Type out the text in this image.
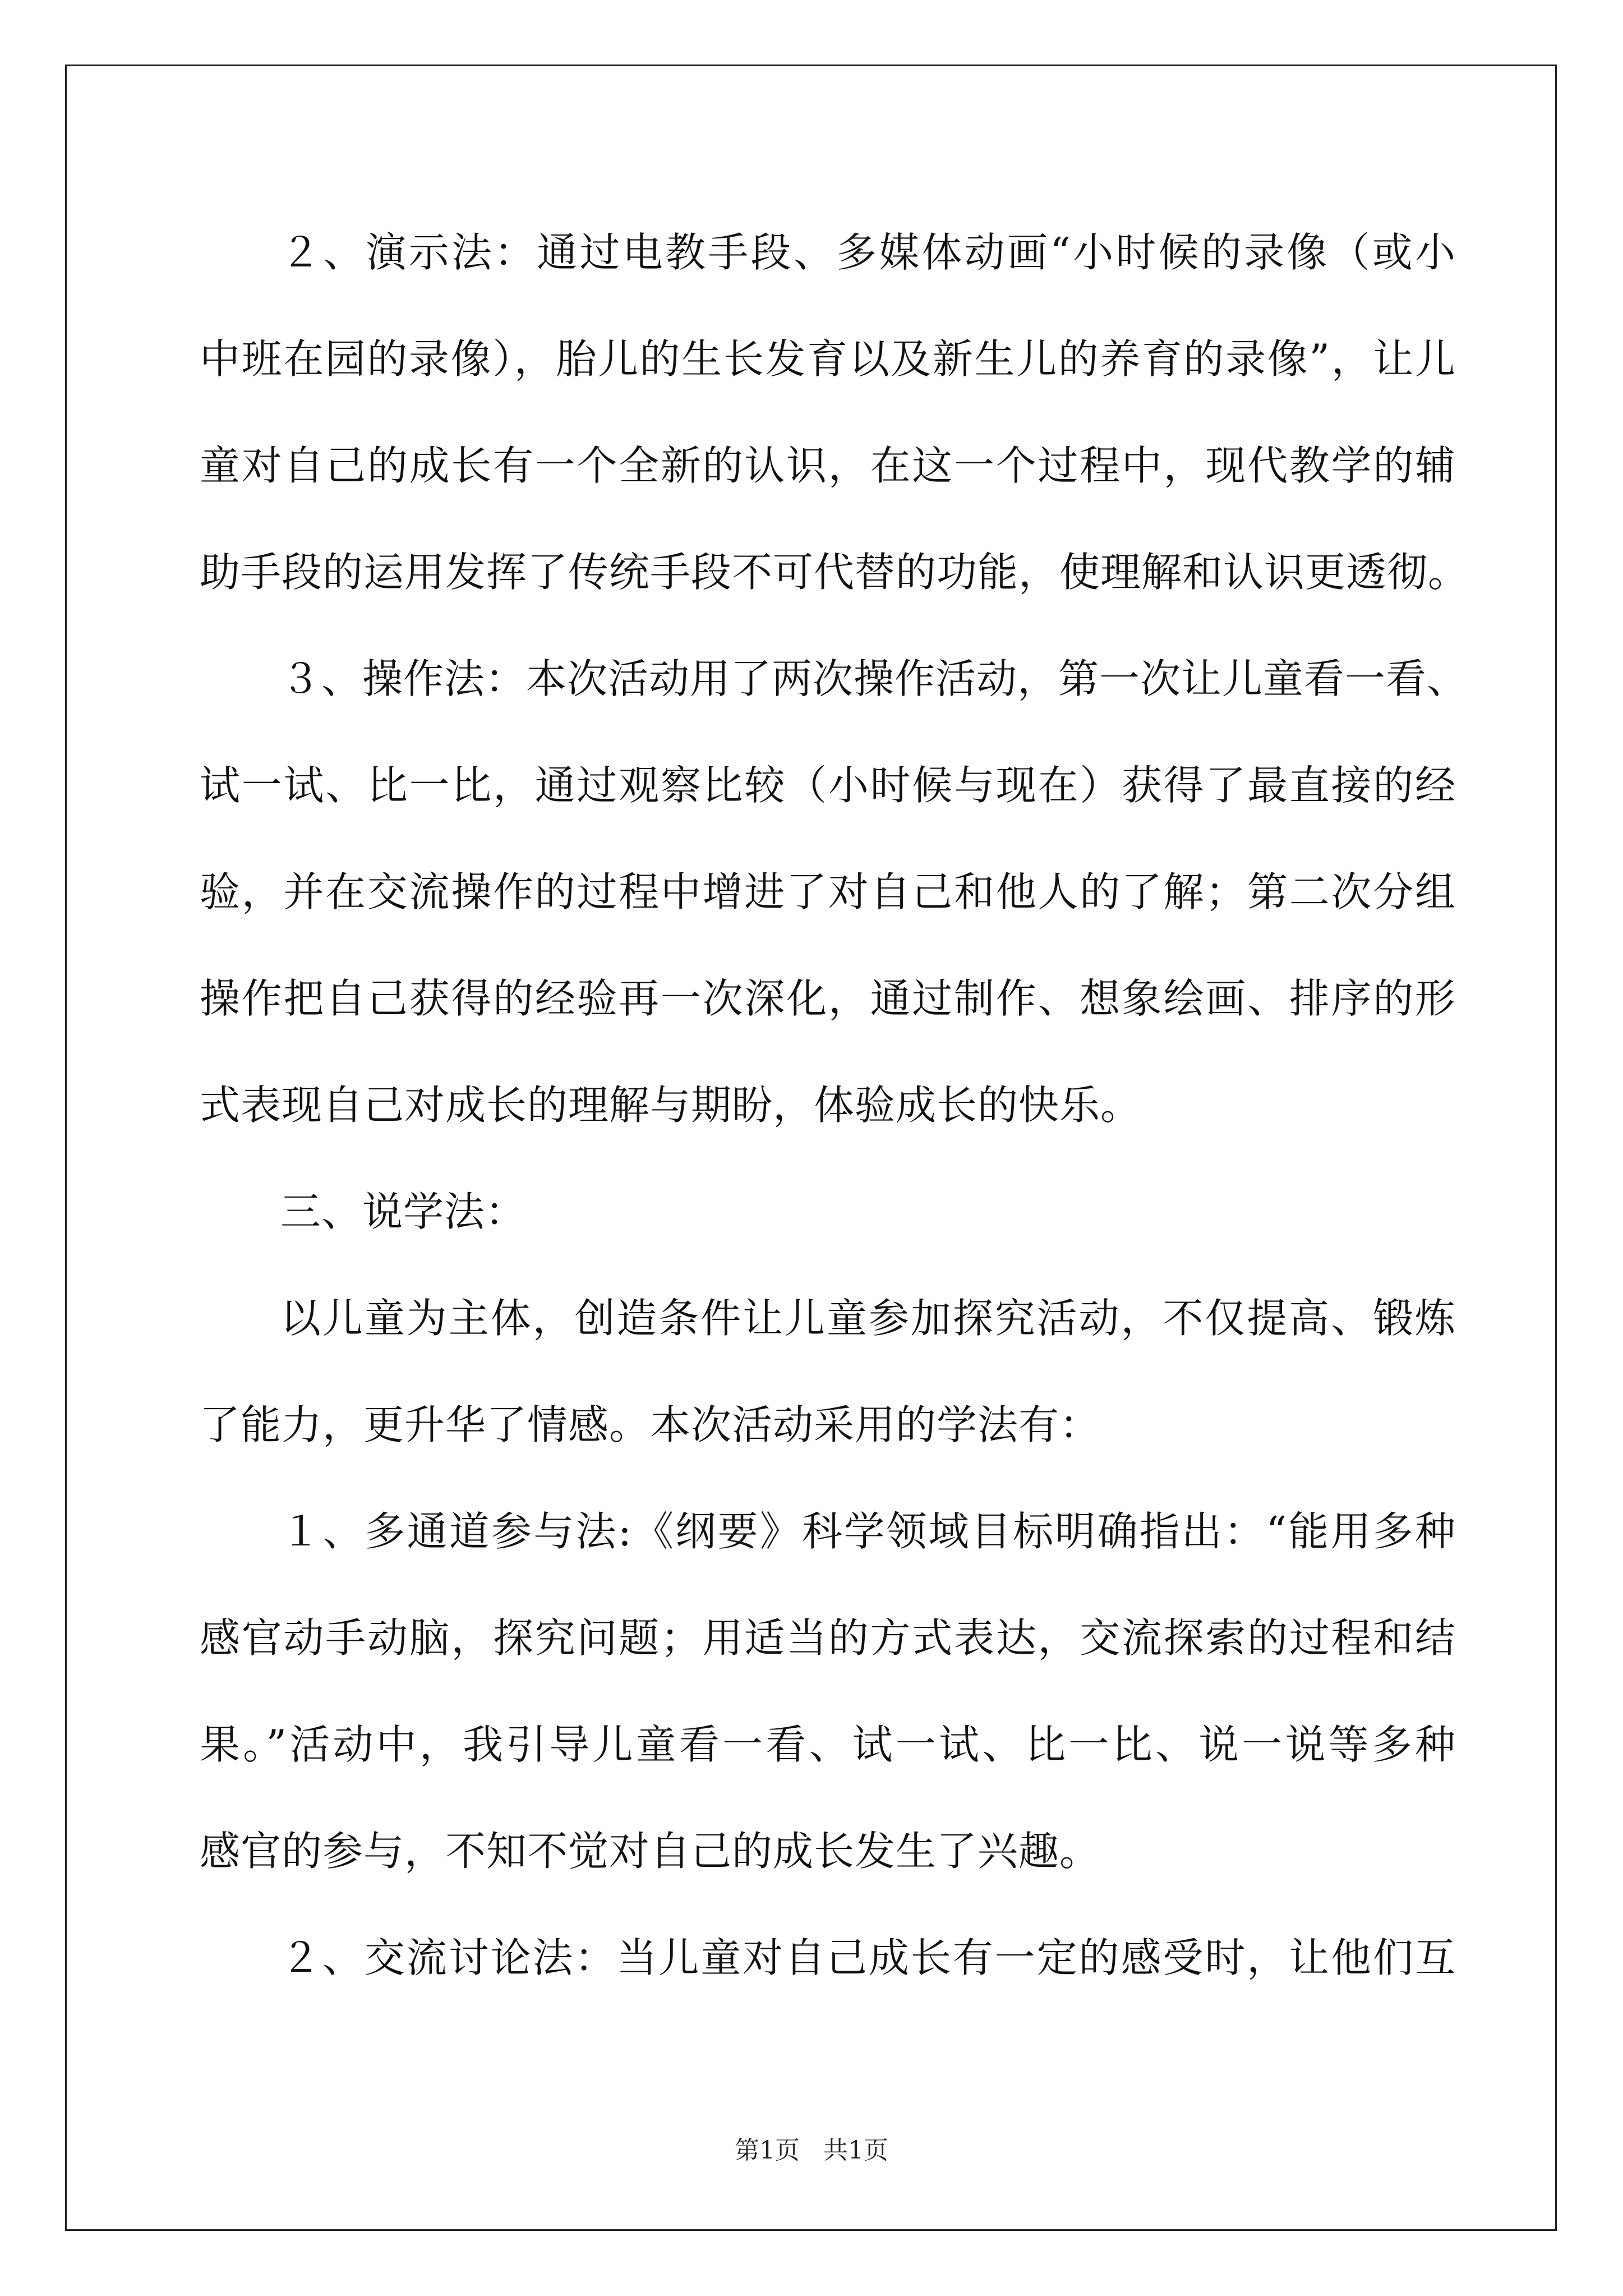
２、演示法：通过电教手段、多媒体动画“小时候的录像（或小
中班在园的录像），胎儿的生长发育以及新生儿的养育的录像”，让儿
童对自己的成长有一个全新的认识，在这一个过程中，现代教学的辅
助手段的运用发挥了传统手段不可代替的功能，使理解和认识更透彻。
３、操作法：本次活动用了两次操作活动，第一次让儿童看一看、
试一试、比一比，通过观察比较（小时候与现在）获得了最直接的经
验，并在交流操作的过程中增进了对自己和他人的了解；第二次分组
操作把自己获得的经验再一次深化，通过制作、想象绘画、排序的形
式表现自己对成长的理解与期盼，体验成长的快乐。
三、说学法：
以儿童为主体，创造条件让儿童参加探究活动，不仅提高、锻炼
了能力，更升华了情感。本次活动采用的学法有：
１、多通道参与法:《纲要》科学领域目标明确指出：“能用多种
感官动手动脑，探究问题；用适当的方式表达，交流探索的过程和结
果。”活动中，我引导儿童看一看、试一试、比一比、说一说等多种
感官的参与，不知不觉对自己的成长发生了兴趣。
２、交流讨论法：当儿童对自己成长有一定的感受时，让他们互
第1页   共1页
